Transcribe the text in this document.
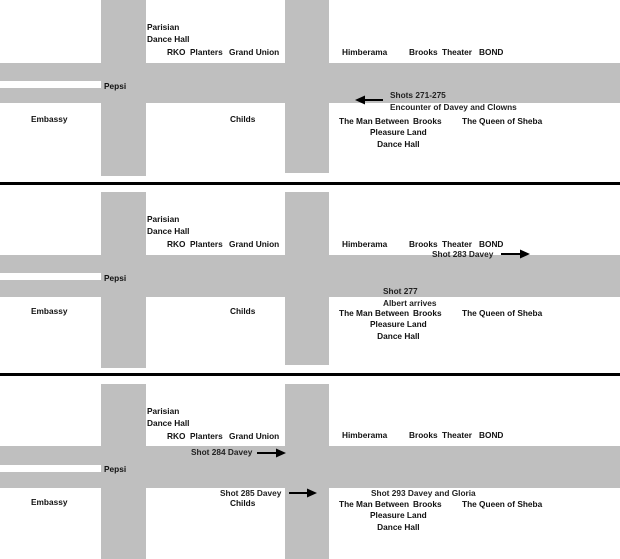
Parisian
Dance Hall
RKO Planters Grand Union	Himberama	Brooks Theater BOND
Pepsi
Embassy	Childs	The Man Between Brooks The Queen of Sheba
Pleasure Land
Dance Hall
Shots 271-275
Encounter of Davey and Clowns
Parisian
Dance Hall
RKO Planters Grand Union	Himberama	Brooks Theater BOND
Pepsi
Embassy	Childs	The Man Between Brooks The Queen of Sheba
Pleasure Land
Dance Hall
Shot 283 Davey
Shot 277
Albert arrives
Parisian
Dance Hall
RKO Planters Grand Union	Himberama	Brooks Theater BOND
Pepsi
Embassy	Childs	The Man Between Brooks The Queen of Sheba
Pleasure Land
Dance Hall
Shot 284 Davey
Shot 285 Davey	Shot 293 Davey and Gloria
